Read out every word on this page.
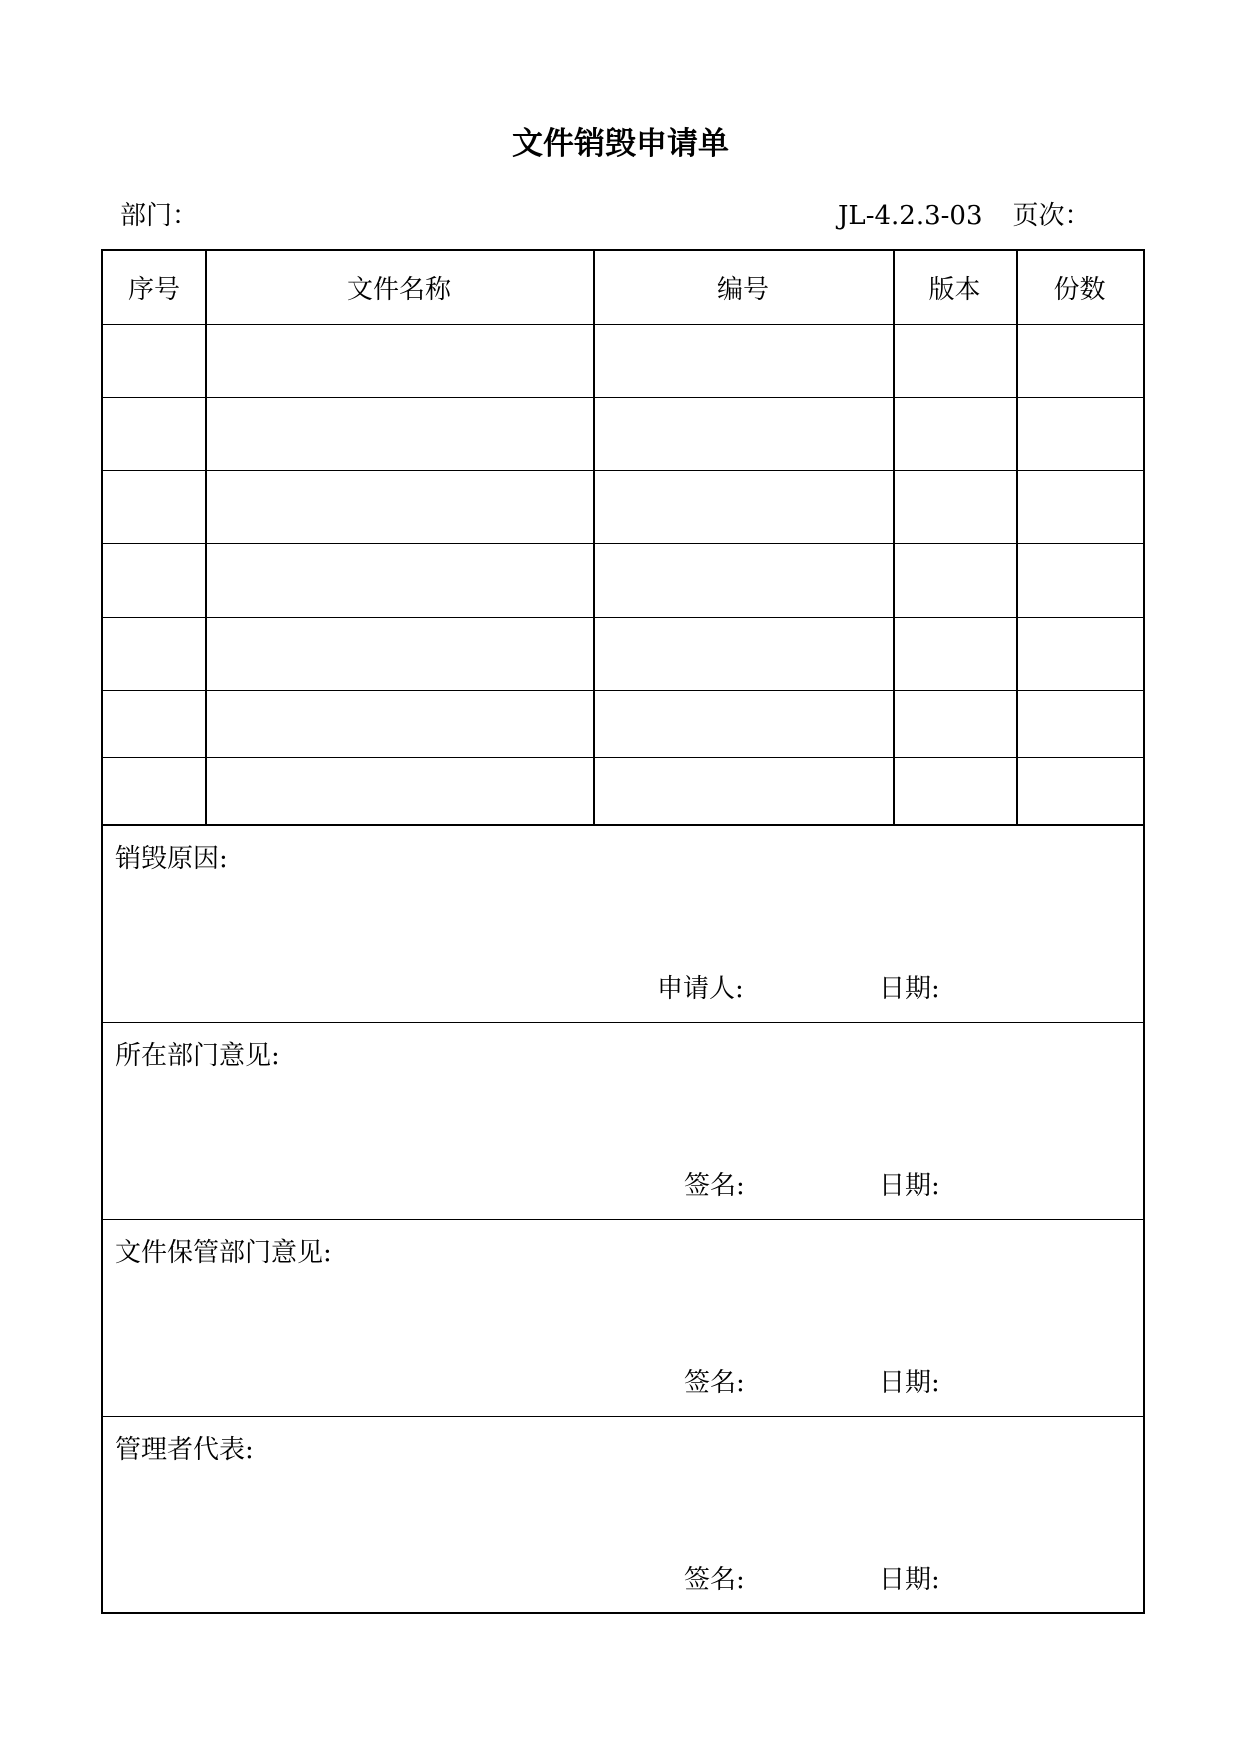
文件销毁申请单
部门：	JL-4.2.3-03 页次：
序号	文件名称	编号	版本	份数
销毁原因:
申请人:	日期:
所在部门意见:
签名:	日期:
文件保管部门意见:
签名:	日期:
管理者代表:
签名:	日期:
